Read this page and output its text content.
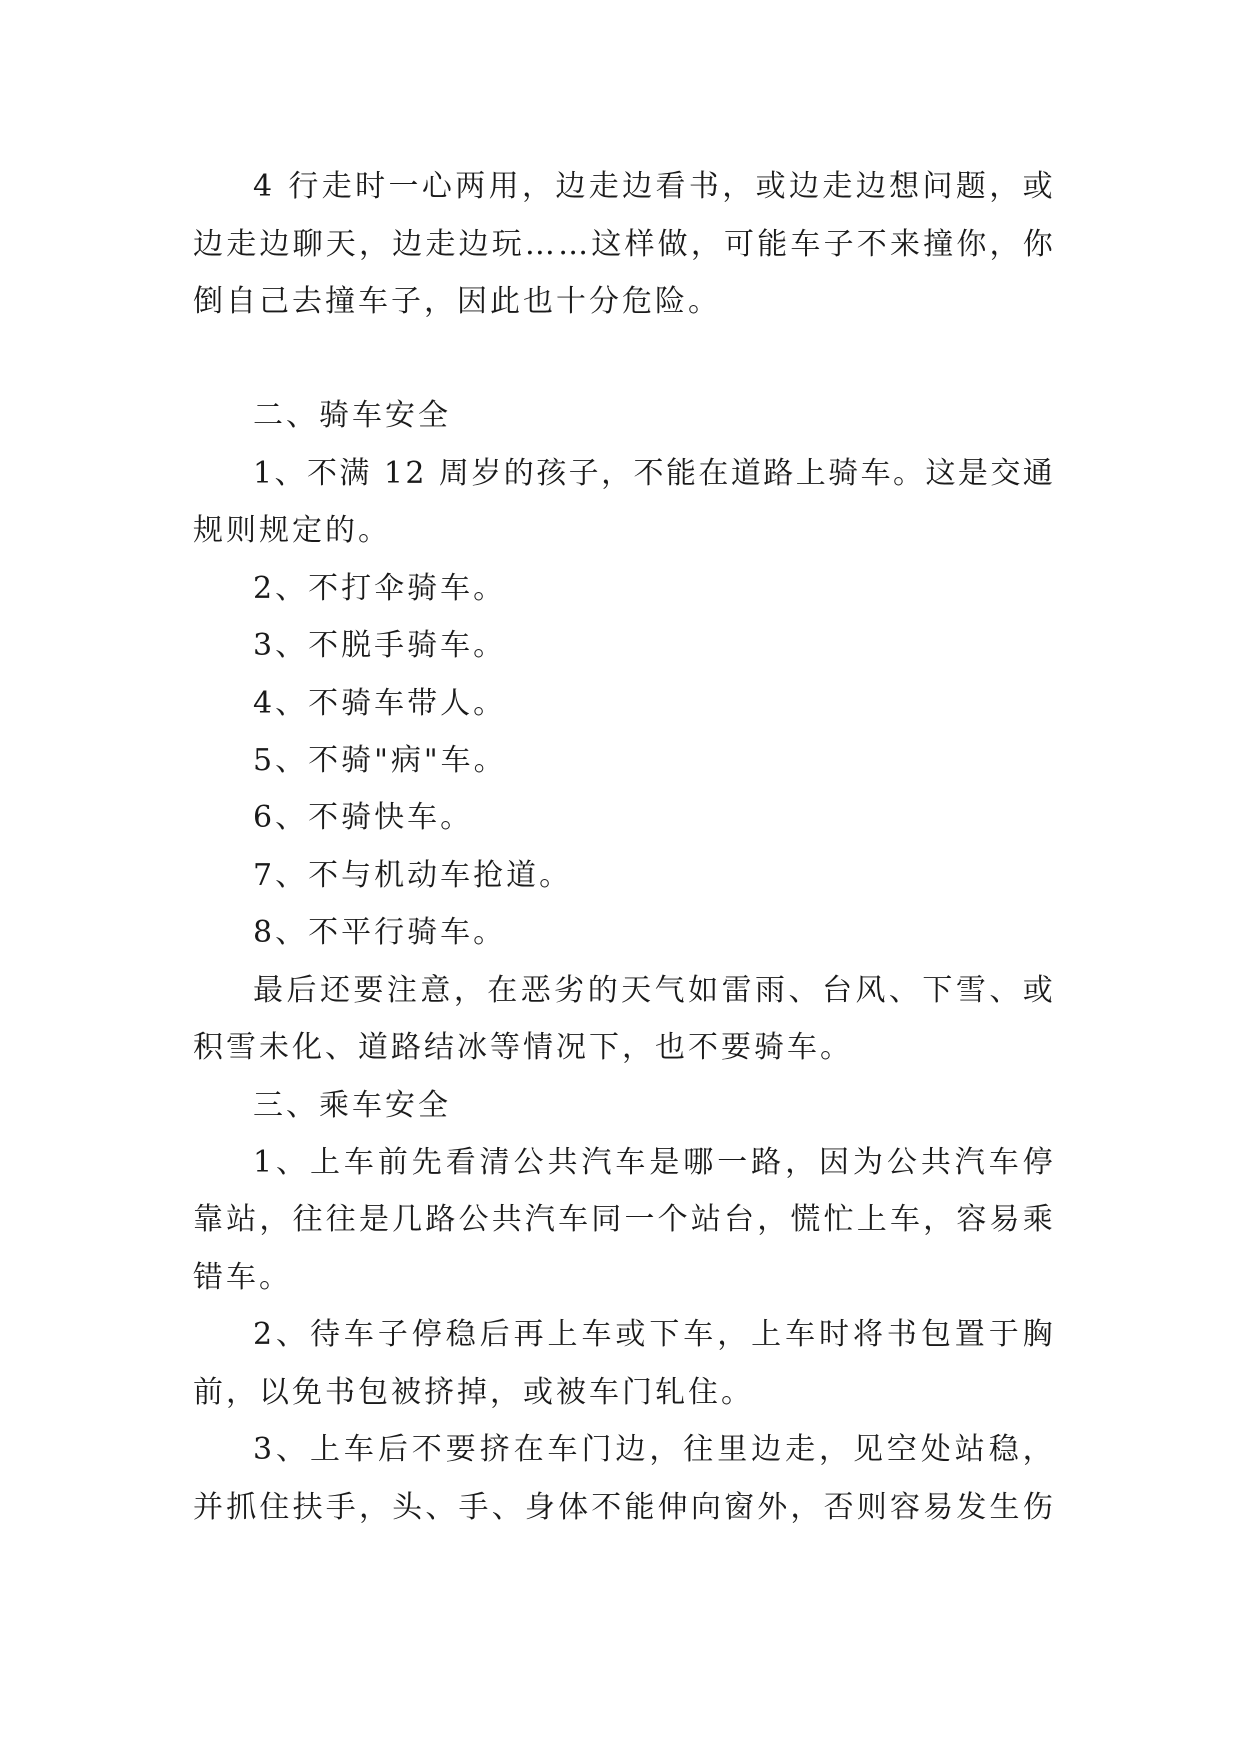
4
行 走 时 一 心 两 用 ， 边 走 边 看 书 ， 或 边 走 边 想 问 题 ， 或
边 走 边 聊 天 ， 边 走 边 玩 … … 这 样 做 ， 可 能 车 子 不 来 撞 你 ， 你
倒自己去撞车子，因此也十分危险。
二、骑车安全
1 、 不 满
1 2
周 岁 的 孩 子 ， 不 能 在 道 路 上 骑 车 。 这 是 交 通
规则规定的。
2、不打伞骑车。
3、不脱手骑车。
4、不骑车带人。
5、不骑"病"车。
6、不骑快车。
7、不与机动车抢道。
8、不平行骑车。
最 后 还 要 注 意 ， 在 恶 劣 的 天 气 如 雷 雨 、 台 风 、 下 雪 、 或
积雪未化、道路结冰等情况下，也不要骑车。
三、乘车安全
1 、 上 车 前 先 看 清 公 共 汽 车 是 哪 一 路 ， 因 为 公 共 汽 车 停
靠 站 ， 往 往 是 几 路 公 共 汽 车 同 一 个 站 台 ， 慌 忙 上 车 ， 容 易 乘
错车。
2 、 待 车 子 停 稳 后 再 上 车 或 下 车 ， 上 车 时 将 书 包 置 于 胸
前，以免书包被挤掉，或被车门轧住。
3 、 上 车 后 不 要 挤 在 车 门 边 ， 往 里 边 走 ， 见 空 处 站 稳 ，
并 抓 住 扶 手 ， 头 、 手 、 身 体 不 能 伸 向 窗 外 ， 否 则 容 易 发 生 伤
